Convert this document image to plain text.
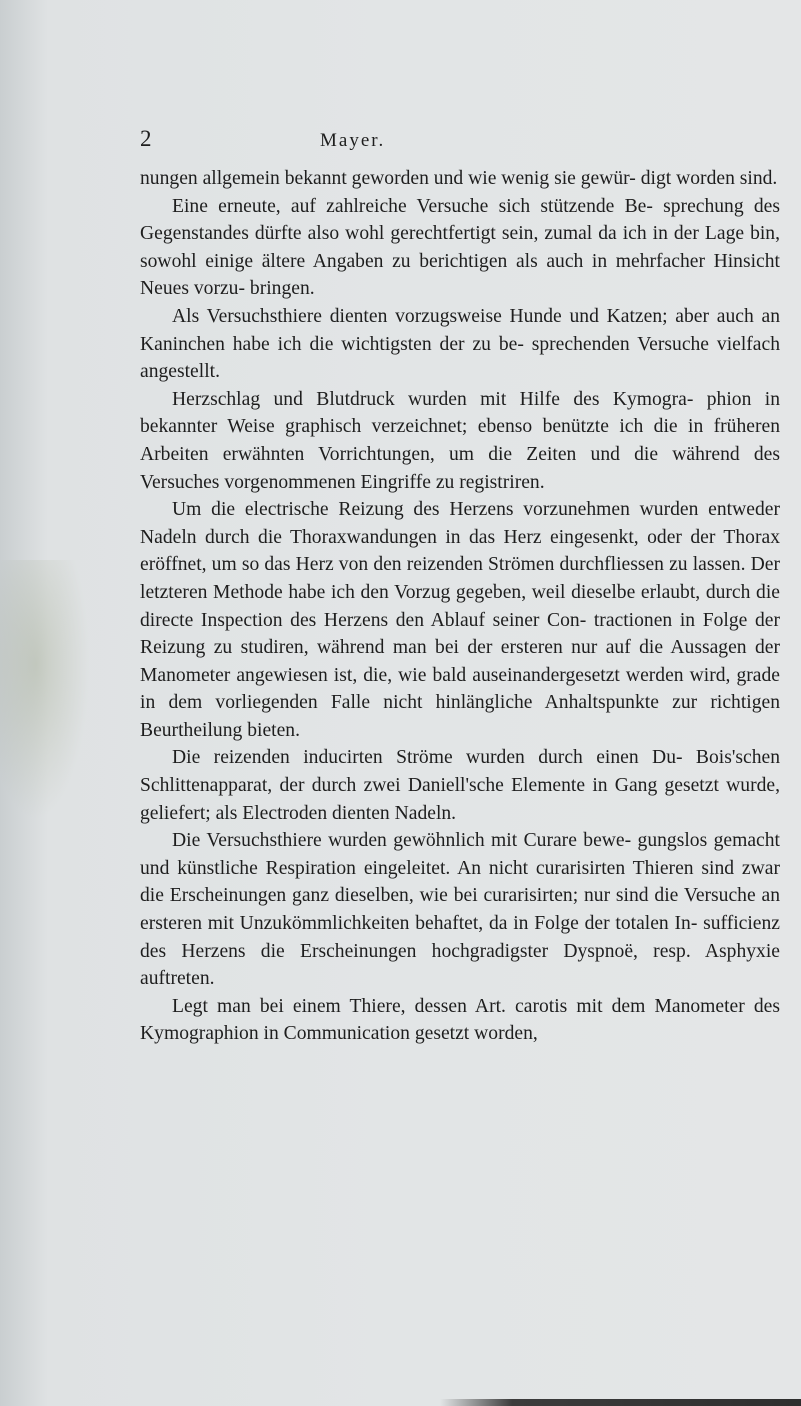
2	Mayer.

nungen allgemein bekannt geworden und wie wenig sie gewür- digt worden sind.

Eine erneute, auf zahlreiche Versuche sich stützende Be- sprechung des Gegenstandes dürfte also wohl gerechtfertigt sein, zumal da ich in der Lage bin, sowohl einige ältere Angaben zu berichtigen als auch in mehrfacher Hinsicht Neues vorzu- bringen.

Als Versuchsthiere dienten vorzugsweise Hunde und Katzen; aber auch an Kaninchen habe ich die wichtigsten der zu be- sprechenden Versuche vielfach angestellt.

Herzschlag und Blutdruck wurden mit Hilfe des Kymogra- phion in bekannter Weise graphisch verzeichnet; ebenso benützte ich die in früheren Arbeiten erwähnten Vorrichtungen, um die Zeiten und die während des Versuches vorgenommenen Eingriffe zu registriren.

Um die electrische Reizung des Herzens vorzunehmen wurden entweder Nadeln durch die Thoraxwandungen in das Herz eingesenkt, oder der Thorax eröffnet, um so das Herz von den reizenden Strömen durchfliessen zu lassen. Der letzteren Methode habe ich den Vorzug gegeben, weil dieselbe erlaubt, durch die directe Inspection des Herzens den Ablauf seiner Con- tractionen in Folge der Reizung zu studiren, während man bei der ersteren nur auf die Aussagen der Manometer angewiesen ist, die, wie bald auseinandergesetzt werden wird, grade in dem vorliegenden Falle nicht hinlängliche Anhaltspunkte zur richtigen Beurtheilung bieten.

Die reizenden inducirten Ströme wurden durch einen Du- Bois'schen Schlittenapparat, der durch zwei Daniell'sche Elemente in Gang gesetzt wurde, geliefert; als Electroden dienten Nadeln.

Die Versuchsthiere wurden gewöhnlich mit Curare bewe- gungslos gemacht und künstliche Respiration eingeleitet. An nicht curarisirten Thieren sind zwar die Erscheinungen ganz dieselben, wie bei curarisirten; nur sind die Versuche an ersteren mit Unzukömmlichkeiten behaftet, da in Folge der totalen In- sufficienz des Herzens die Erscheinungen hochgradigster Dyspnoë, resp. Asphyxie auftreten.

Legt man bei einem Thiere, dessen Art. carotis mit dem Manometer des Kymographion in Communication gesetzt worden,
